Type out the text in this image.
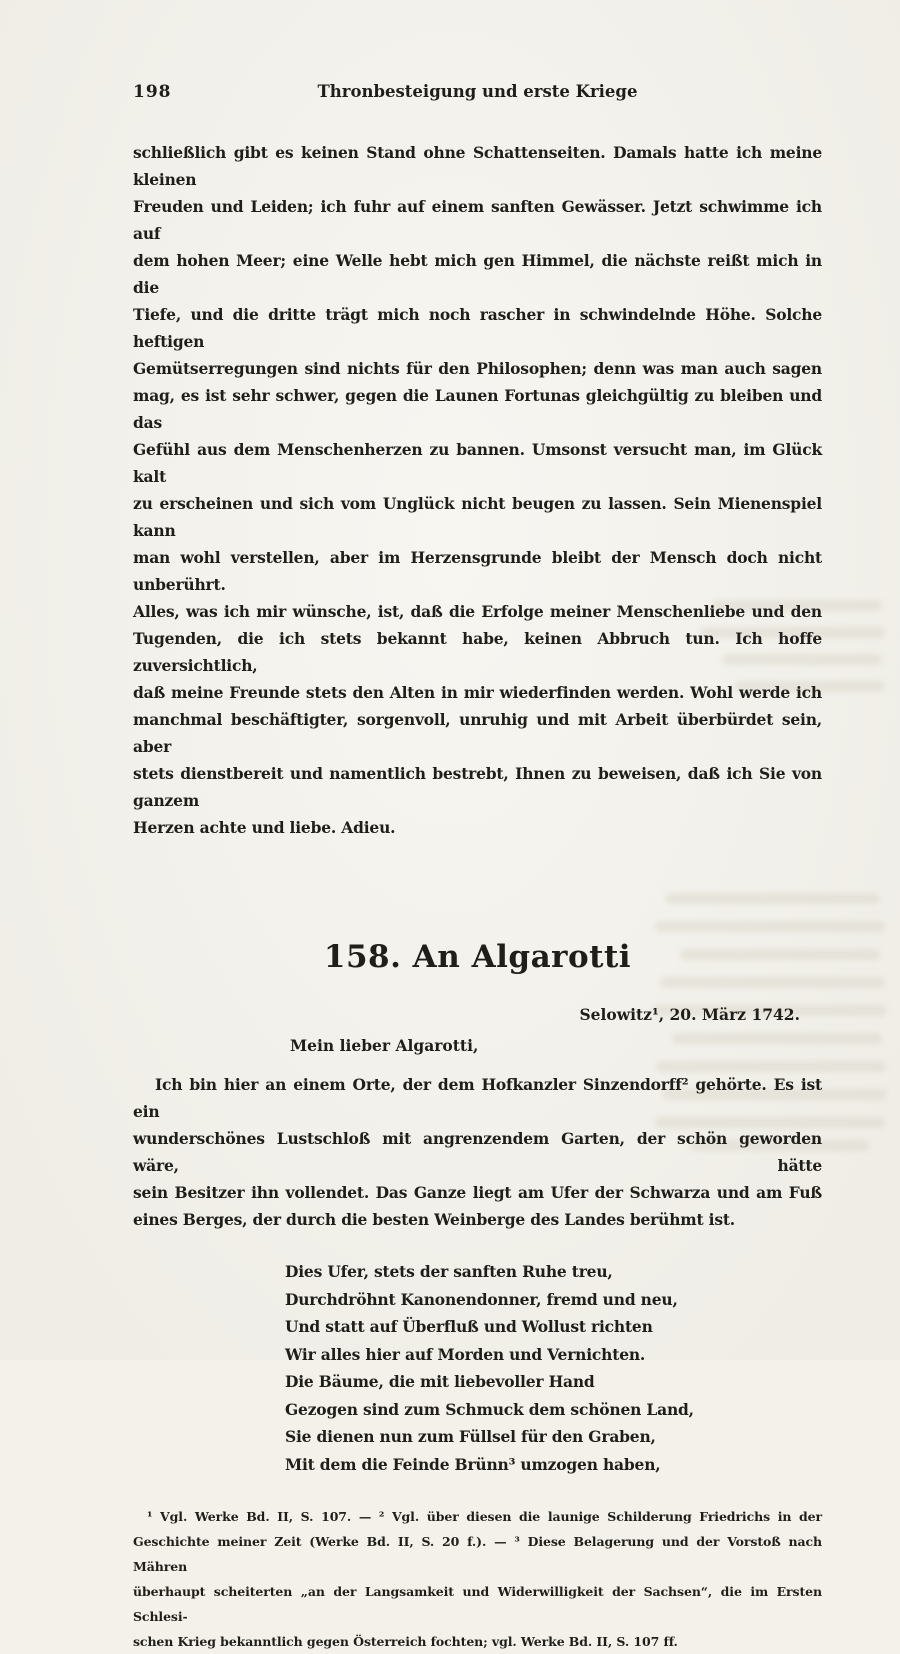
198	Thronbesteigung und erste Kriege
schließlich gibt es keinen Stand ohne Schattenseiten. Damals hatte ich meine kleinen
Freuden und Leiden; ich fuhr auf einem sanften Gewässer. Jetzt schwimme ich auf
dem hohen Meer; eine Welle hebt mich gen Himmel, die nächste reißt mich in die
Tiefe, und die dritte trägt mich noch rascher in schwindelnde Höhe. Solche heftigen
Gemütserregungen sind nichts für den Philosophen; denn was man auch sagen
mag, es ist sehr schwer, gegen die Launen Fortunas gleichgültig zu bleiben und das
Gefühl aus dem Menschenherzen zu bannen. Umsonst versucht man, im Glück kalt
zu erscheinen und sich vom Unglück nicht beugen zu lassen. Sein Mienenspiel kann
man wohl verstellen, aber im Herzensgrunde bleibt der Mensch doch nicht unberührt.
Alles, was ich mir wünsche, ist, daß die Erfolge meiner Menschenliebe und den
Tugenden, die ich stets bekannt habe, keinen Abbruch tun. Ich hoffe zuversichtlich,
daß meine Freunde stets den Alten in mir wiederfinden werden. Wohl werde ich
manchmal beschäftigter, sorgenvoll, unruhig und mit Arbeit überbürdet sein, aber
stets dienstbereit und namentlich bestrebt, Ihnen zu beweisen, daß ich Sie von ganzem
Herzen achte und liebe. Adieu.
158. An Algarotti
Selowitz¹, 20. März 1742.
Mein lieber Algarotti,
Ich bin hier an einem Orte, der dem Hofkanzler Sinzendorff² gehörte. Es ist ein
wunderschönes Lustschloß mit angrenzendem Garten, der schön geworden wäre, hätte
sein Besitzer ihn vollendet. Das Ganze liegt am Ufer der Schwarza und am Fuß
eines Berges, der durch die besten Weinberge des Landes berühmt ist.
Dies Ufer, stets der sanften Ruhe treu,
Durchdröhnt Kanonendonner, fremd und neu,
Und statt auf Überfluß und Wollust richten
Wir alles hier auf Morden und Vernichten.
Die Bäume, die mit liebevoller Hand
Gezogen sind zum Schmuck dem schönen Land,
Sie dienen nun zum Füllsel für den Graben,
Mit dem die Feinde Brünn³ umzogen haben,
¹ Vgl. Werke Bd. II, S. 107. — ² Vgl. über diesen die launige Schilderung Friedrichs in der
Geschichte meiner Zeit (Werke Bd. II, S. 20 f.). — ³ Diese Belagerung und der Vorstoß nach Mähren
überhaupt scheiterten „an der Langsamkeit und Widerwilligkeit der Sachsen“, die im Ersten Schlesi-
schen Krieg bekanntlich gegen Österreich fochten; vgl. Werke Bd. II, S. 107 ff.
